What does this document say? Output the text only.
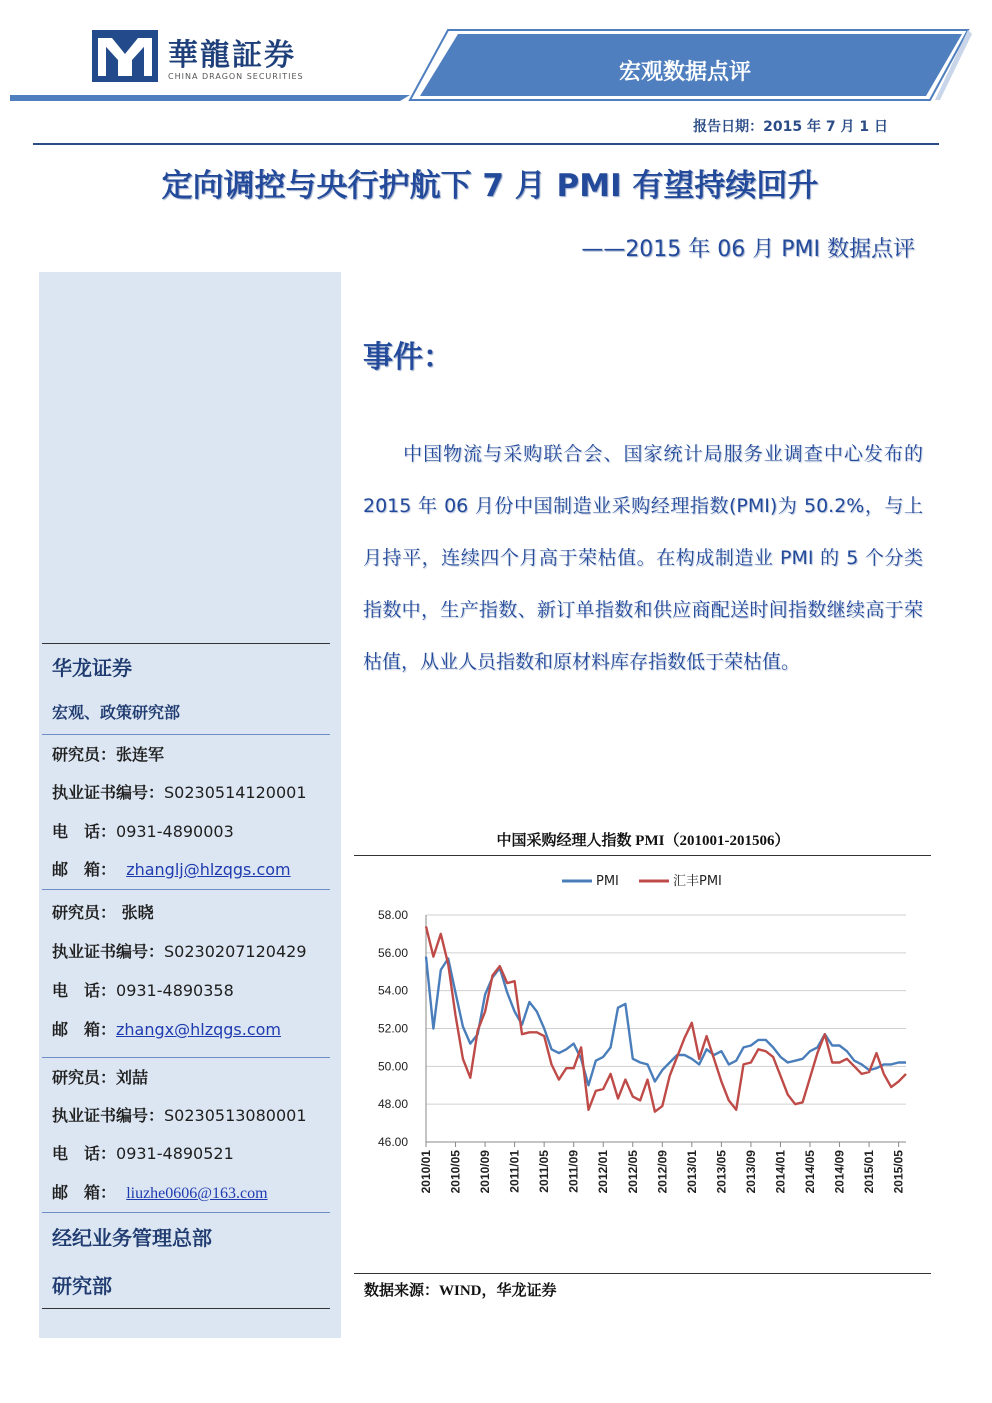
華龍証券
CHINA DRAGON SECURITIES	宏观数据点评
报告日期：2015 年 7 月 1 日
定向调控与央行护航下 7 月 PMI 有望持续回升
——2015 年 06 月 PMI 数据点评
华龙证券
宏观、政策研究部
研究员：张连军
执业证书编号：S0230514120001
电　话：0931-4890003
邮　箱： zhanglj@hlzqgs.com
研究员： 张晓
执业证书编号：S0230207120429
电　话：0931-4890358
邮　箱：zhangx@hlzqgs.com
研究员：刘喆
执业证书编号：S0230513080001
电　话：0931-4890521
邮　箱： liuzhe0606@163.com
经纪业务管理总部
研究部
事件：
　　中国物流与采购联合会、国家统计局服务业调查中心发布的 2015 年 06 月份中国制造业采购经理指数(PMI)为 50.2%，与上月持平，连续四个月高于荣枯值。在构成制造业 PMI 的 5 个分类指数中，生产指数、新订单指数和供应商配送时间指数继续高于荣枯值，从业人员指数和原材料库存指数低于荣枯值。
中国采购经理人指数 PMI（201001-201506）
46.00
48.00
50.00
52.00
54.00
56.00
58.00
2010/01 2010/05 2010/09 2011/01 2011/05 2011/09 2012/01 2012/05 2012/09 2013/01 2013/05 2013/09 2014/01 2014/05 2014/09 2015/01 2015/05
PMI	汇丰PMI
数据来源：WIND，华龙证券
